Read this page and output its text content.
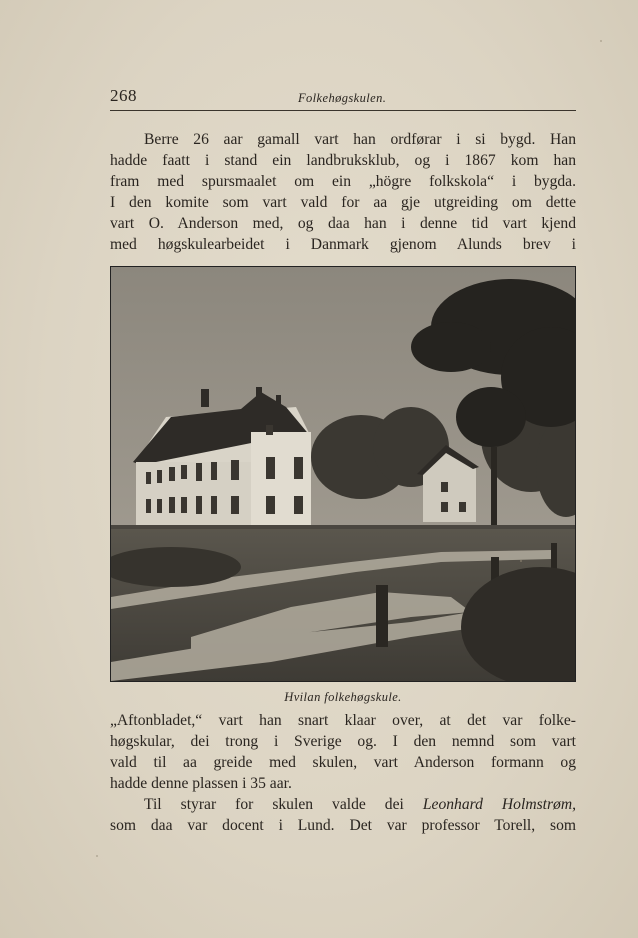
268	Folkehøgskulen.
Berre 26 aar gamall vart han ordførar i si bygd. Han
hadde faatt i stand ein landbruksklub, og i 1867 kom han
fram med spursmaalet om ein „högre folkskola“ i bygda.
I den komite som vart vald for aa gje utgreiding om dette
vart O. Anderson med, og daa han i denne tid vart kjend
med høgskulearbeidet i Danmark gjenom Alunds brev i
Hvilan folkehøgskule.
„Aftonbladet,“ vart han snart klaar over, at det var folke-
høgskular, dei trong i Sverige og. I den nemnd som vart
vald til aa greide med skulen, vart Anderson formann og
hadde denne plassen i 35 aar.
Til styrar for skulen valde dei Leonhard Holmstrøm,
som daa var docent i Lund. Det var professor Torell, som
